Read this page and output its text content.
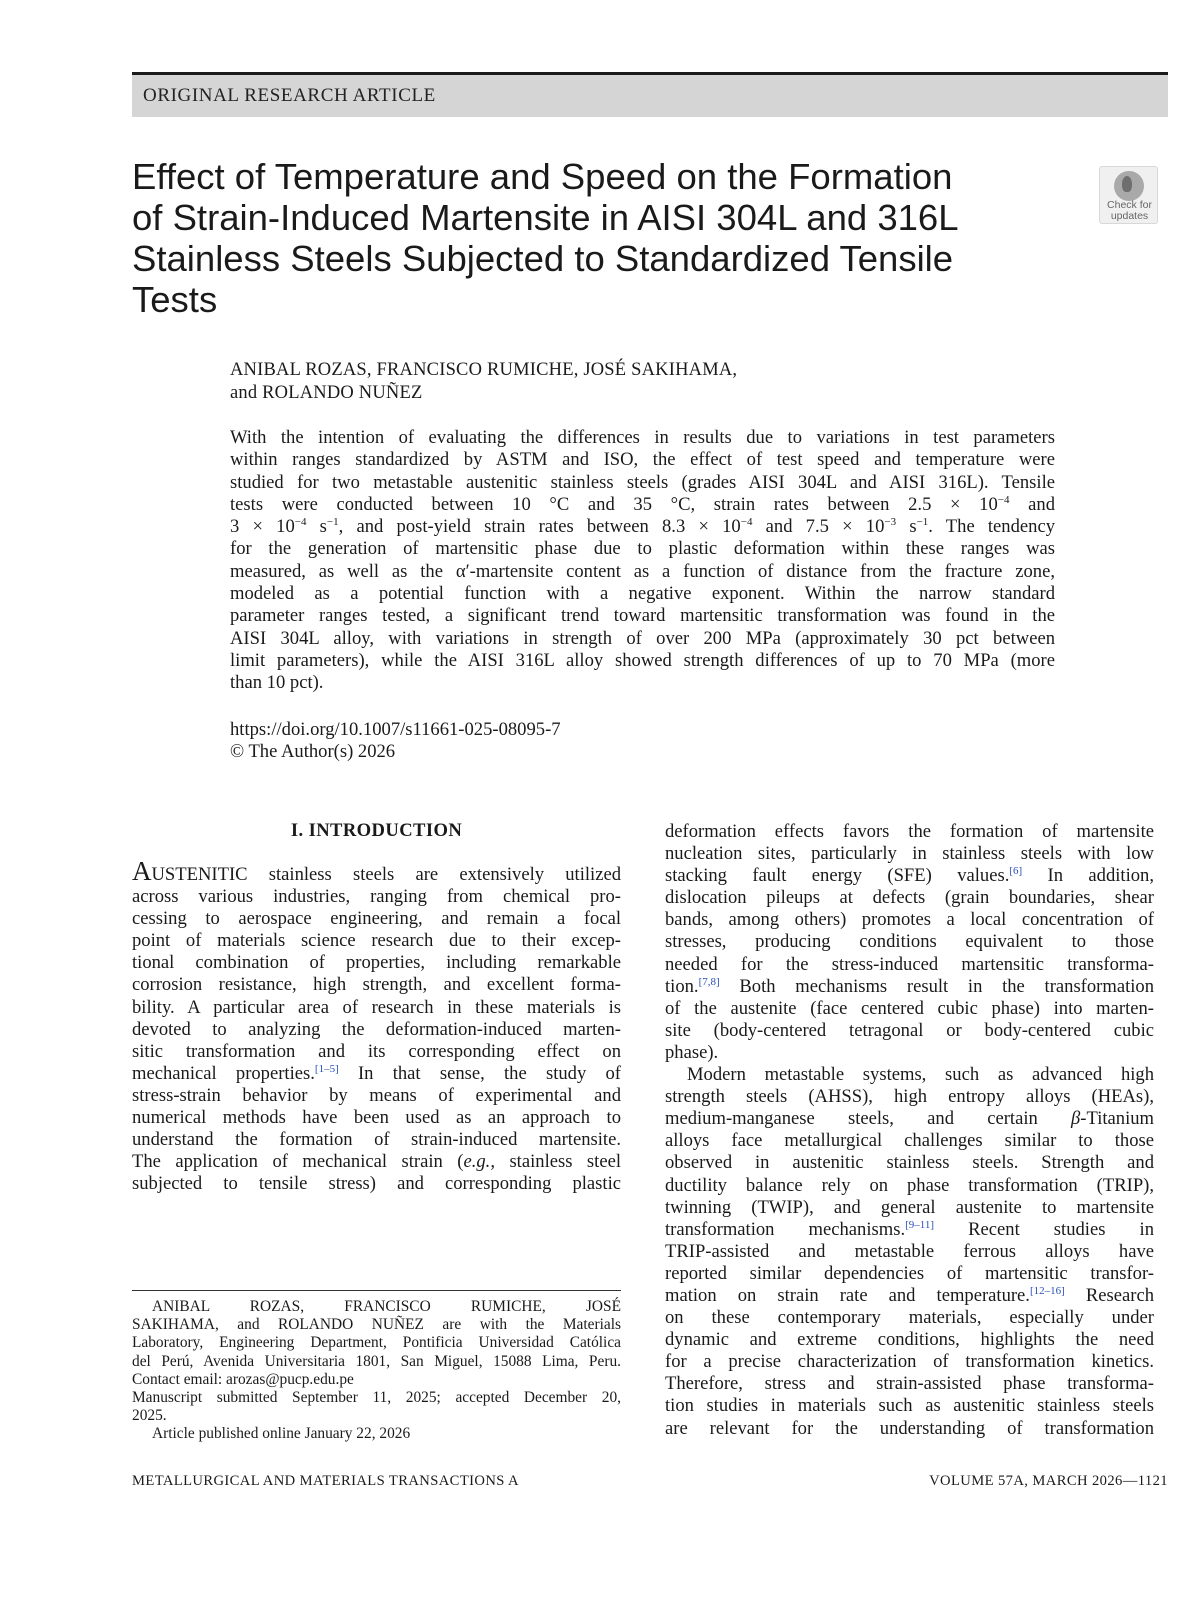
ORIGINAL RESEARCH ARTICLE
Effect of Temperature and Speed on the Formation of Strain-Induced Martensite in AISI 304L and 316L Stainless Steels Subjected to Standardized Tensile Tests
Check for
updates
ANIBAL ROZAS, FRANCISCO RUMICHE, JOSÉ SAKIHAMA,
and ROLANDO NUÑEZ
With the intention of evaluating the differences in results due to variations in test parameters
within ranges standardized by ASTM and ISO, the effect of test speed and temperature were
studied for two metastable austenitic stainless steels (grades AISI 304L and AISI 316L). Tensile
tests were conducted between 10 °C and 35 °C, strain rates between $2.5 \times 10^{-4}$ and
$3 \times 10^{-4}$ $s^{-1}$, and post-yield strain rates between $8.3 \times 10^{-4}$ and $7.5 \times 10^{-3}$ $s^{-1}$. The tendency
for the generation of martensitic phase due to plastic deformation within these ranges was
measured, as well as the α′-martensite content as a function of distance from the fracture zone,
modeled as a potential function with a negative exponent. Within the narrow standard
parameter ranges tested, a significant trend toward martensitic transformation was found in the
AISI 304L alloy, with variations in strength of over 200 MPa (approximately 30 pct between
limit parameters), while the AISI 316L alloy showed strength differences of up to 70 MPa (more
than 10 pct).
https://doi.org/10.1007/s11661-025-08095-7
© The Author(s) 2026
I. INTRODUCTION
AUSTENITIC stainless steels are extensively utilized
across various industries, ranging from chemical pro-
cessing to aerospace engineering, and remain a focal
point of materials science research due to their excep-
tional combination of properties, including remarkable
corrosion resistance, high strength, and excellent forma-
bility. A particular area of research in these materials is
devoted to analyzing the deformation-induced marten-
sitic transformation and its corresponding effect on
mechanical properties.[1–5] In that sense, the study of
stress-strain behavior by means of experimental and
numerical methods have been used as an approach to
understand the formation of strain-induced martensite.
The application of mechanical strain (e.g., stainless steel
subjected to tensile stress) and corresponding plastic
deformation effects favors the formation of martensite
nucleation sites, particularly in stainless steels with low
stacking fault energy (SFE) values.[6] In addition,
dislocation pileups at defects (grain boundaries, shear
bands, among others) promotes a local concentration of
stresses, producing conditions equivalent to those
needed for the stress-induced martensitic transforma-
tion.[7,8] Both mechanisms result in the transformation
of the austenite (face centered cubic phase) into marten-
site (body-centered tetragonal or body-centered cubic
phase).
Modern metastable systems, such as advanced high
strength steels (AHSS), high entropy alloys (HEAs),
medium-manganese steels, and certain β-Titanium
alloys face metallurgical challenges similar to those
observed in austenitic stainless steels. Strength and
ductility balance rely on phase transformation (TRIP),
twinning (TWIP), and general austenite to martensite
transformation mechanisms.[9–11] Recent studies in
TRIP-assisted and metastable ferrous alloys have
reported similar dependencies of martensitic transfor-
mation on strain rate and temperature.[12–16] Research
on these contemporary materials, especially under
dynamic and extreme conditions, highlights the need
for a precise characterization of transformation kinetics.
Therefore, stress and strain-assisted phase transforma-
tion studies in materials such as austenitic stainless steels
are relevant for the understanding of transformation
ANIBAL ROZAS, FRANCISCO RUMICHE, JOSÉ
SAKIHAMA, and ROLANDO NUÑEZ are with the Materials
Laboratory, Engineering Department, Pontificia Universidad Católica
del Perú, Avenida Universitaria 1801, San Miguel, 15088 Lima, Peru.
Contact email: arozas@pucp.edu.pe
Manuscript submitted September 11, 2025; accepted December 20,
2025.
Article published online January 22, 2026
METALLURGICAL AND MATERIALS TRANSACTIONS A	VOLUME 57A, MARCH 2026—1121
